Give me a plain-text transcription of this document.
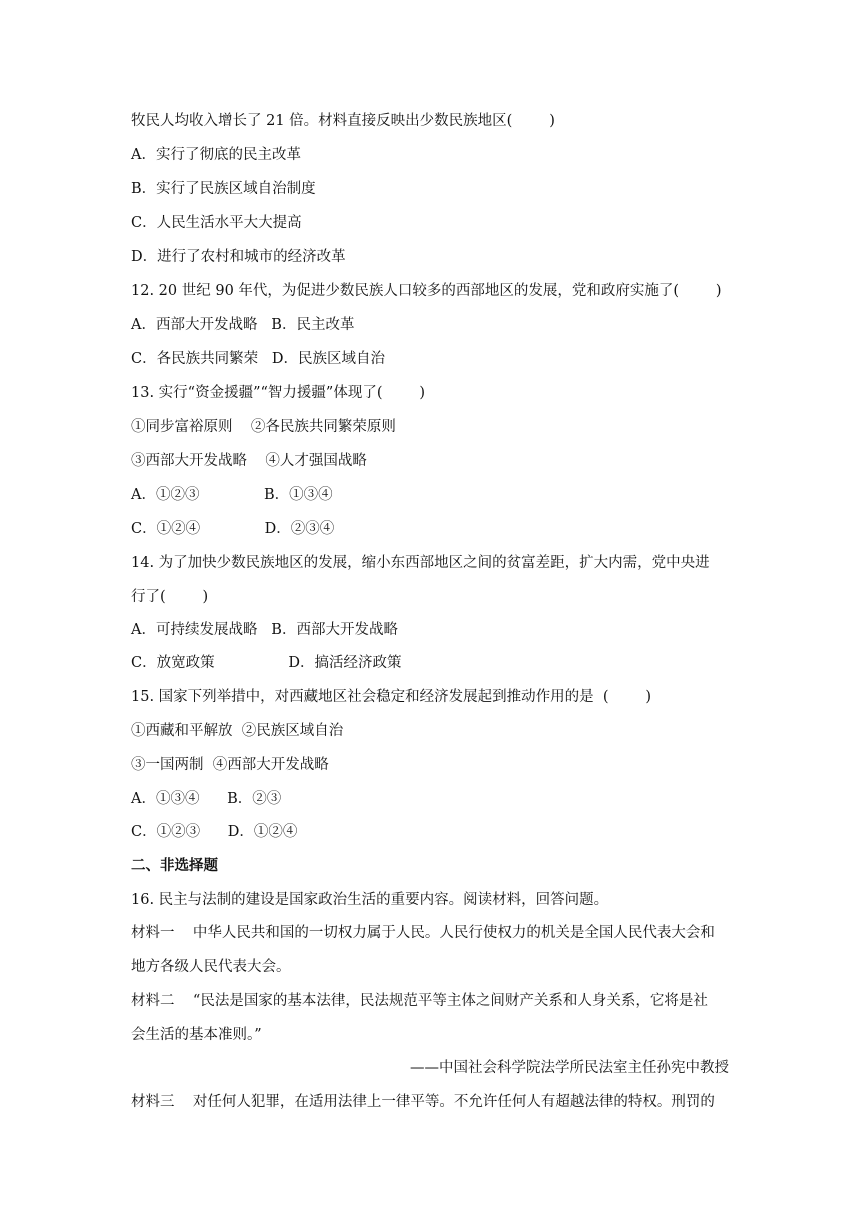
牧民人均收入增长了 21 倍。材料直接反映出少数民族地区(        )
A．实行了彻底的民主改革
B．实行了民族区域自治制度
C．人民生活水平大大提高
D．进行了农村和城市的经济改革
12. 20 世纪 90 年代，为促进少数民族人口较多的西部地区的发展，党和政府实施了(        )
A．西部大开发战略   B．民主改革
C．各民族共同繁荣   D．民族区域自治
13. 实行“资金援疆”“智力援疆”体现了(        )
①同步富裕原则    ②各民族共同繁荣原则
③西部大开发战略    ④人才强国战略
A．①②③              B．①③④
C．①②④              D．②③④
14. 为了加快少数民族地区的发展，缩小东西部地区之间的贫富差距，扩大内需，党中央进
行了(        )
A．可持续发展战略   B．西部大开发战略
C．放宽政策                D．搞活经济政策
15. 国家下列举措中，对西藏地区社会稳定和经济发展起到推动作用的是  (        )
①西藏和平解放  ②民族区域自治
③一国两制  ④西部大开发战略
A．①③④      B．②③
C．①②③      D．①②④
二、非选择题
16. 民主与法制的建设是国家政治生活的重要内容。阅读材料，回答问题。
材料一    中华人民共和国的一切权力属于人民。人民行使权力的机关是全国人民代表大会和
地方各级人民代表大会。
材料二    “民法是国家的基本法律，民法规范平等主体之间财产关系和人身关系，它将是社
会生活的基本准则。”
——中国社会科学院法学所民法室主任孙宪中教授
材料三    对任何人犯罪，在适用法律上一律平等。不允许任何人有超越法律的特权。刑罚的
